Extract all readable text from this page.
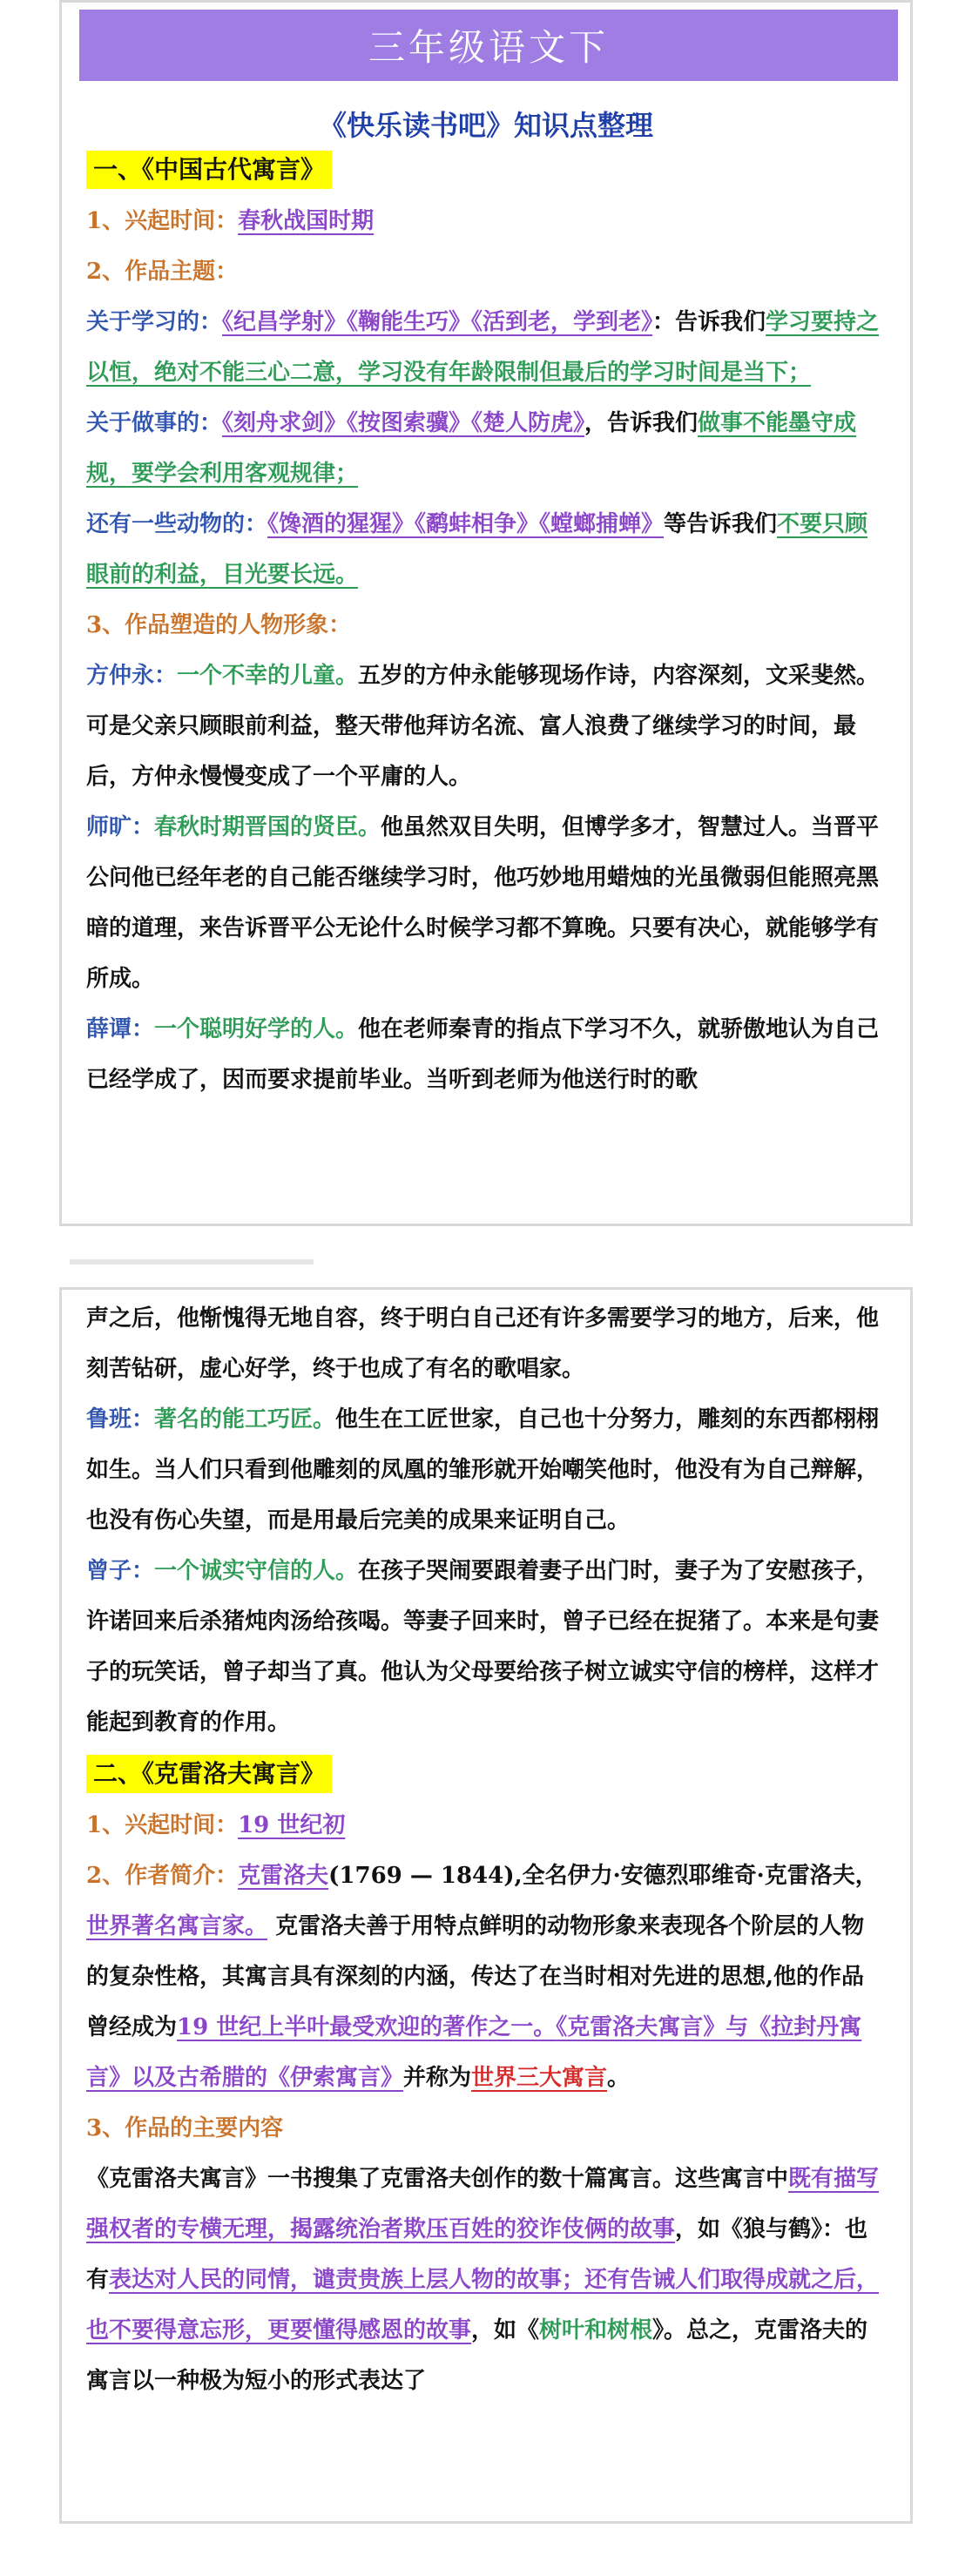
三年级语文下
《快乐读书吧》知识点整理
一、《中国古代寓言》

1、兴起时间：春秋战国时期

2、作品主题：

关于学习的：《纪昌学射》《鞠能生巧》《活到老，学到老》：告诉我们学习要持之以恒，绝对不能三心二意，学习没有年龄限制但最后的学习时间是当下；

关于做事的：《刻舟求剑》《按图索骥》《楚人防虎》，告诉我们做事不能墨守成规，要学会利用客观规律；

还有一些动物的：《馋酒的猩猩》《鹬蚌相争》《螳螂捕蝉》等告诉我们不要只顾眼前的利益，目光要长远。

3、作品塑造的人物形象：

方仲永：一个不幸的儿童。五岁的方仲永能够现场作诗，内容深刻，文采斐然。可是父亲只顾眼前利益，整天带他拜访名流、富人浪费了继续学习的时间，最后，方仲永慢慢变成了一个平庸的人。

师旷：春秋时期晋国的贤臣。他虽然双目失明，但博学多才，智慧过人。当晋平公问他已经年老的自己能否继续学习时，他巧妙地用蜡烛的光虽微弱但能照亮黑暗的道理，来告诉晋平公无论什么时候学习都不算晚。只要有决心，就能够学有所成。

薛谭：一个聪明好学的人。他在老师秦青的指点下学习不久，就骄傲地认为自己已经学成了，因而要求提前毕业。当听到老师为他送行时的歌

声之后，他惭愧得无地自容，终于明白自己还有许多需要学习的地方，后来，他刻苦钻研，虚心好学，终于也成了有名的歌唱家。

鲁班：著名的能工巧匠。他生在工匠世家，自己也十分努力，雕刻的东西都栩栩如生。当人们只看到他雕刻的凤凰的雏形就开始嘲笑他时，他没有为自己辩解，也没有伤心失望，而是用最后完美的成果来证明自己。

曾子：一个诚实守信的人。在孩子哭闹要跟着妻子出门时，妻子为了安慰孩子，许诺回来后杀猪炖肉汤给孩喝。等妻子回来时，曾子已经在捉猪了。本来是句妻子的玩笑话，曾子却当了真。他认为父母要给孩子树立诚实守信的榜样，这样才能起到教育的作用。

二、《克雷洛夫寓言》

1、兴起时间：19 世纪初

2、作者简介：克雷洛夫(1769 — 1844),全名伊力·安德烈耶维奇·克雷洛夫，世界著名寓言家。 克雷洛夫善于用特点鲜明的动物形象来表现各个阶层的人物的复杂性格，其寓言具有深刻的内涵，传达了在当时相对先进的思想,他的作品曾经成为19 世纪上半叶最受欢迎的著作之一。《克雷洛夫寓言》与《拉封丹寓言》以及古希腊的《伊索寓言》并称为世界三大寓言。

3、作品的主要内容

《克雷洛夫寓言》一书搜集了克雷洛夫创作的数十篇寓言。这些寓言中既有描写强权者的专横无理，揭露统治者欺压百姓的狡诈伎俩的故事，如《狼与鹤》：也有表达对人民的同情，谴责贵族上层人物的故事；还有告诫人们取得成就之后，也不要得意忘形，更要懂得感恩的故事，如《树叶和树根》。总之，克雷洛夫的寓言以一种极为短小的形式表达了
